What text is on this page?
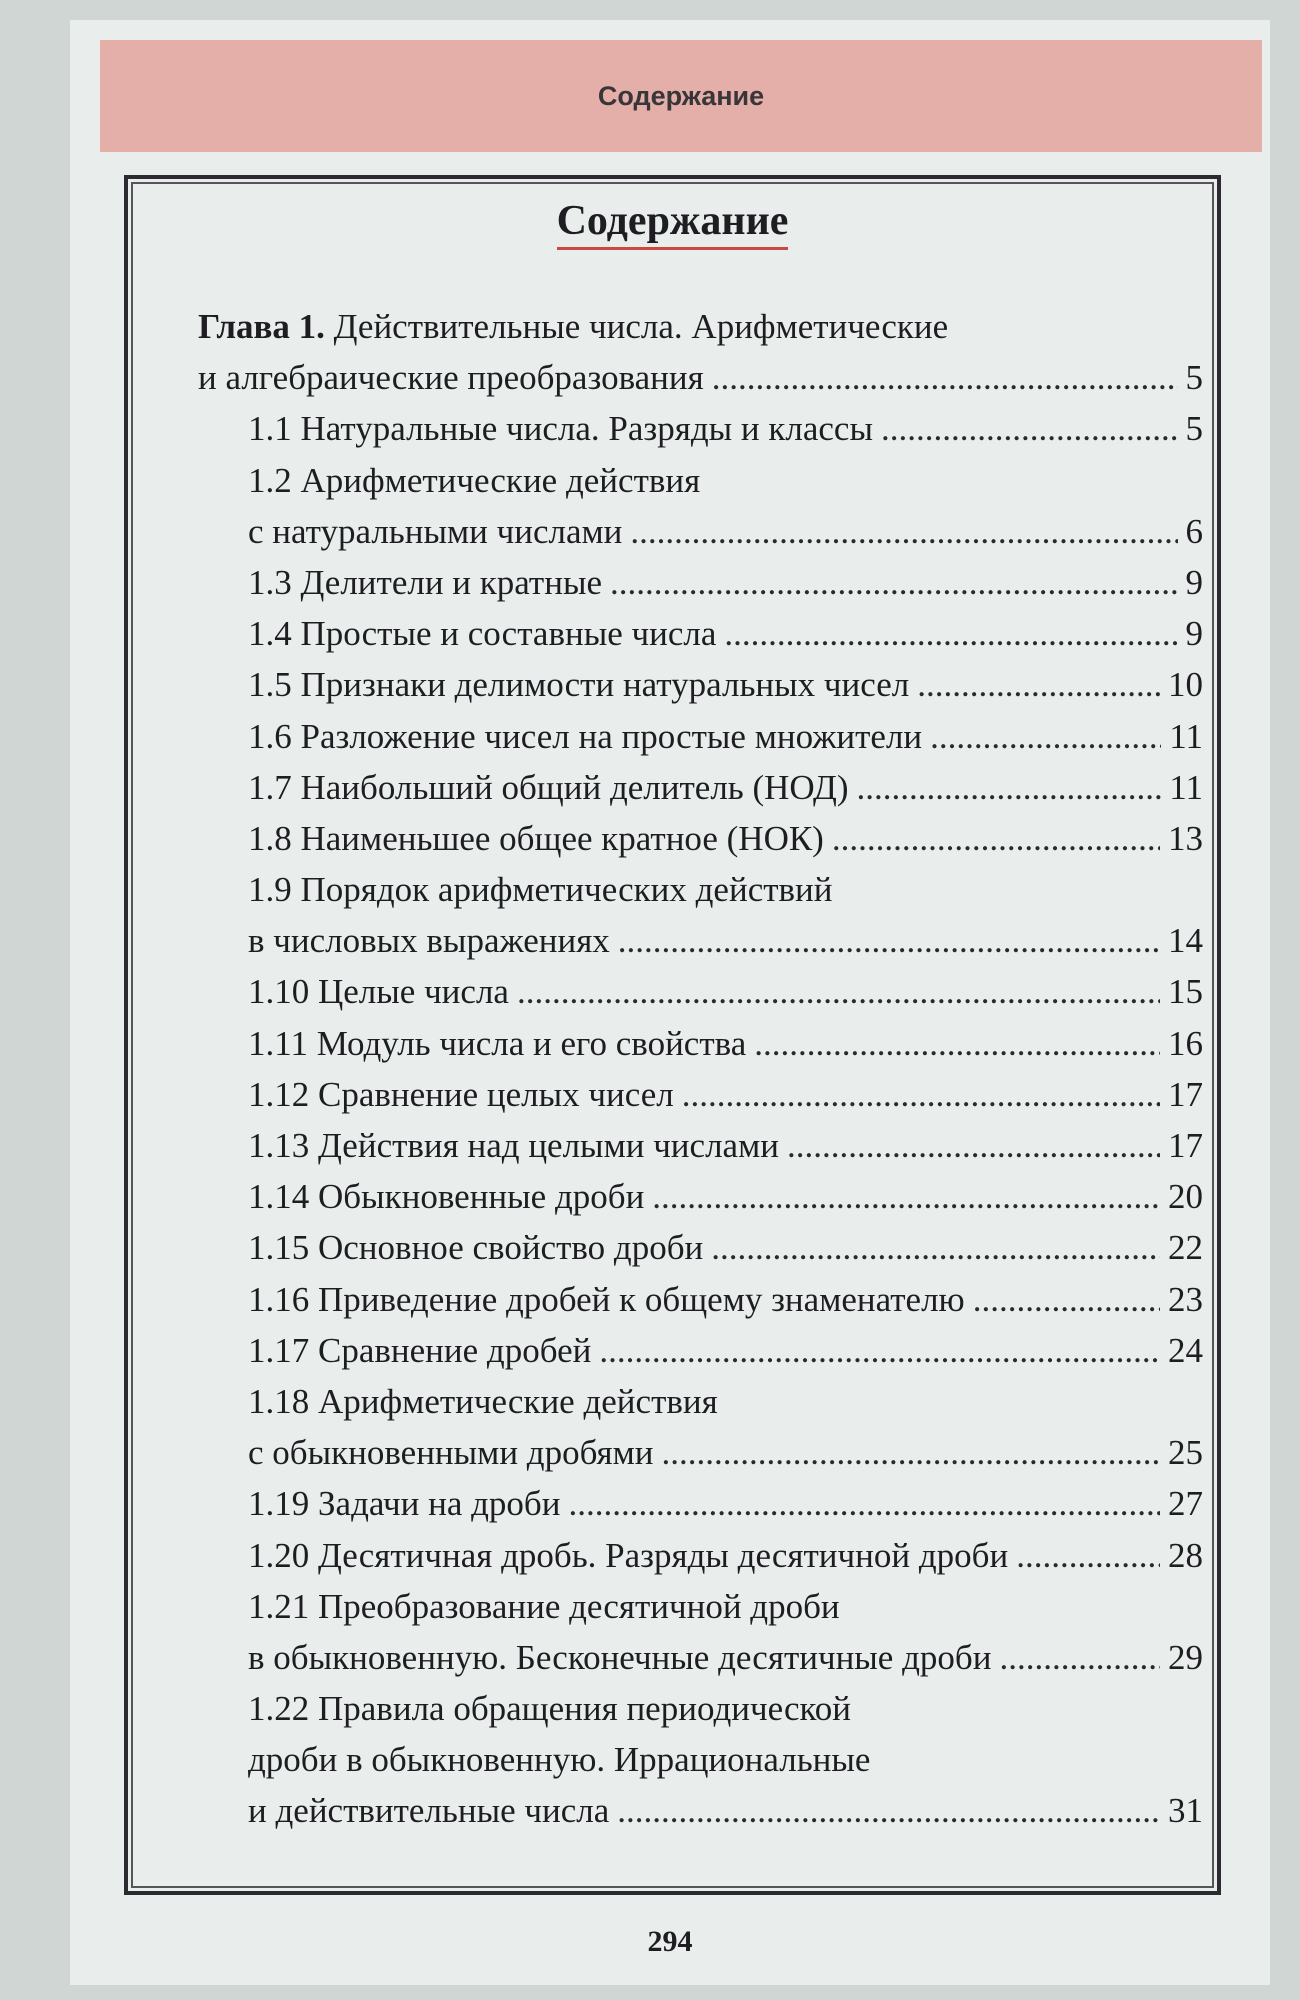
Содержание
Содержание
Глава 1. Действительные числа. Арифметические
и алгебраические преобразования .....	5
1.1 Натуральные числа. Разряды и классы .....	5
1.2 Арифметические действия
с натуральными числами .....	6
1.3 Делители и кратные .....	9
1.4 Простые и составные числа .....	9
1.5 Признаки делимости натуральных чисел .....	10
1.6 Разложение чисел на простые множители .....	11
1.7 Наибольший общий делитель (НОД) .....	11
1.8 Наименьшее общее кратное (НОК) .....	13
1.9 Порядок арифметических действий
в числовых выражениях .....	14
1.10 Целые числа .....	15
1.11 Модуль числа и его свойства .....	16
1.12 Сравнение целых чисел .....	17
1.13 Действия над целыми числами .....	17
1.14 Обыкновенные дроби .....	20
1.15 Основное свойство дроби .....	22
1.16 Приведение дробей к общему знаменателю .....	23
1.17 Сравнение дробей .....	24
1.18 Арифметические действия
с обыкновенными дробями .....	25
1.19 Задачи на дроби .....	27
1.20 Десятичная дробь. Разряды десятичной дроби .....	28
1.21 Преобразование десятичной дроби
в обыкновенную. Бесконечные десятичные дроби .....	29
1.22 Правила обращения периодической
дроби в обыкновенную. Иррациональные
и действительные числа .....	31
294
